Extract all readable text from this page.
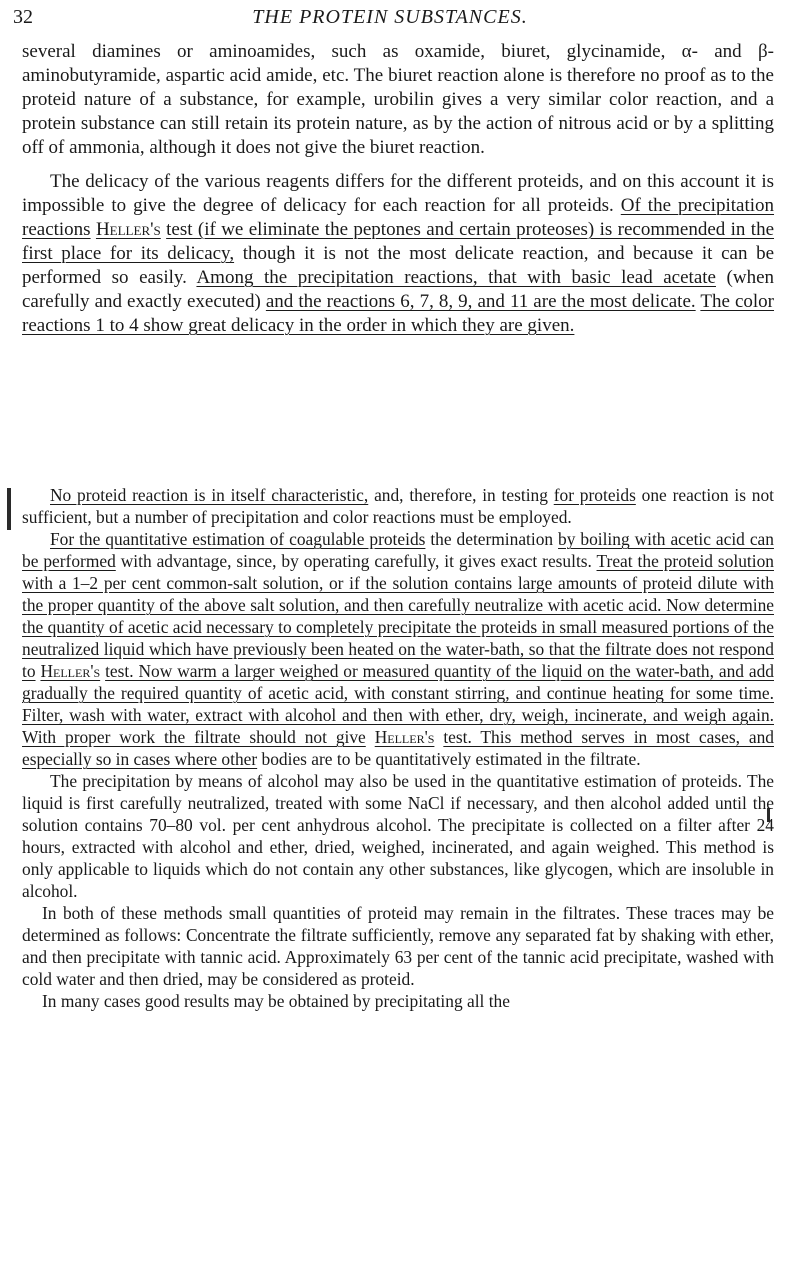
32	THE PROTEIN SUBSTANCES.

several diamines or aminoamides, such as oxamide, biuret, glycinamide, α- and β-aminobutyramide, aspartic acid amide, etc. The biuret reaction alone is therefore no proof as to the proteid nature of a substance, for example, urobilin gives a very similar color reaction, and a protein substance can still retain its protein nature, as by the action of nitrous acid or by a splitting off of ammonia, although it does not give the biuret reaction.

The delicacy of the various reagents differs for the different proteids, and on this account it is impossible to give the degree of delicacy for each reaction for all proteids. Of the precipitation reactions Heller's test (if we eliminate the peptones and certain proteoses) is recommended in the first place for its delicacy, though it is not the most delicate reaction, and because it can be performed so easily. Among the precipitation reactions, that with basic lead acetate (when carefully and exactly executed) and the reactions 6, 7, 8, 9, and 11 are the most delicate. The color reactions 1 to 4 show great delicacy in the order in which they are given.

No proteid reaction is in itself characteristic, and, therefore, in testing for proteids one reaction is not sufficient, but a number of precipitation and color reactions must be employed.

For the quantitative estimation of coagulable proteids the determination by boiling with acetic acid can be performed with advantage, since, by operating carefully, it gives exact results. Treat the proteid solution with a 1–2 per cent common-salt solution, or if the solution contains large amounts of proteid dilute with the proper quantity of the above salt solution, and then carefully neutralize with acetic acid. Now determine the quantity of acetic acid necessary to completely precipitate the proteids in small measured portions of the neutralized liquid which have previously been heated on the water-bath, so that the filtrate does not respond to Heller's test. Now warm a larger weighed or measured quantity of the liquid on the water-bath, and add gradually the required quantity of acetic acid, with constant stirring, and continue heating for some time. Filter, wash with water, extract with alcohol and then with ether, dry, weigh, incinerate, and weigh again. With proper work the filtrate should not give Heller's test. This method serves in most cases, and especially so in cases where other bodies are to be quantitatively estimated in the filtrate.

The precipitation by means of alcohol may also be used in the quantitative estimation of proteids. The liquid is first carefully neutralized, treated with some NaCl if necessary, and then alcohol added until the solution contains 70–80 vol. per cent anhydrous alcohol. The precipitate is collected on a filter after 24 hours, extracted with alcohol and ether, dried, weighed, incinerated, and again weighed. This method is only applicable to liquids which do not contain any other substances, like glycogen, which are insoluble in alcohol.

In both of these methods small quantities of proteid may remain in the filtrates. These traces may be determined as follows: Concentrate the filtrate sufficiently, remove any separated fat by shaking with ether, and then precipitate with tannic acid. Approximately 63 per cent of the tannic acid precipitate, washed with cold water and then dried, may be considered as proteid.

In many cases good results may be obtained by precipitating all the
